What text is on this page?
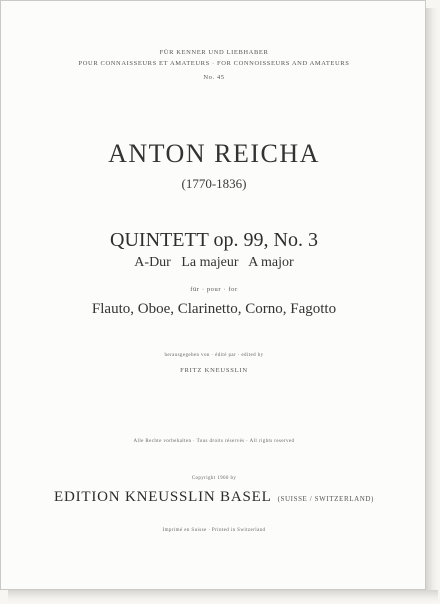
FÜR KENNER UND LIEBHABER
POUR CONNAISSEURS ET AMATEURS · FOR CONNOISSEURS AND AMATEURS
No. 45
ANTON REICHA
(1770-1836)
QUINTETT op. 99, No. 3
A-Dur   La majeur   A major
für · pour · for
Flauto, Oboe, Clarinetto, Corno, Fagotto
herausgegeben von · édité par · edited by
FRITZ KNEUSSLIN
Alle Rechte vorbehalten · Tous droits réservés · All rights reserved
Copyright 1960 by
EDITION KNEUSSLIN BASEL (SUISSE / SWITZERLAND)
Imprimé en Suisse · Printed in Switzerland
